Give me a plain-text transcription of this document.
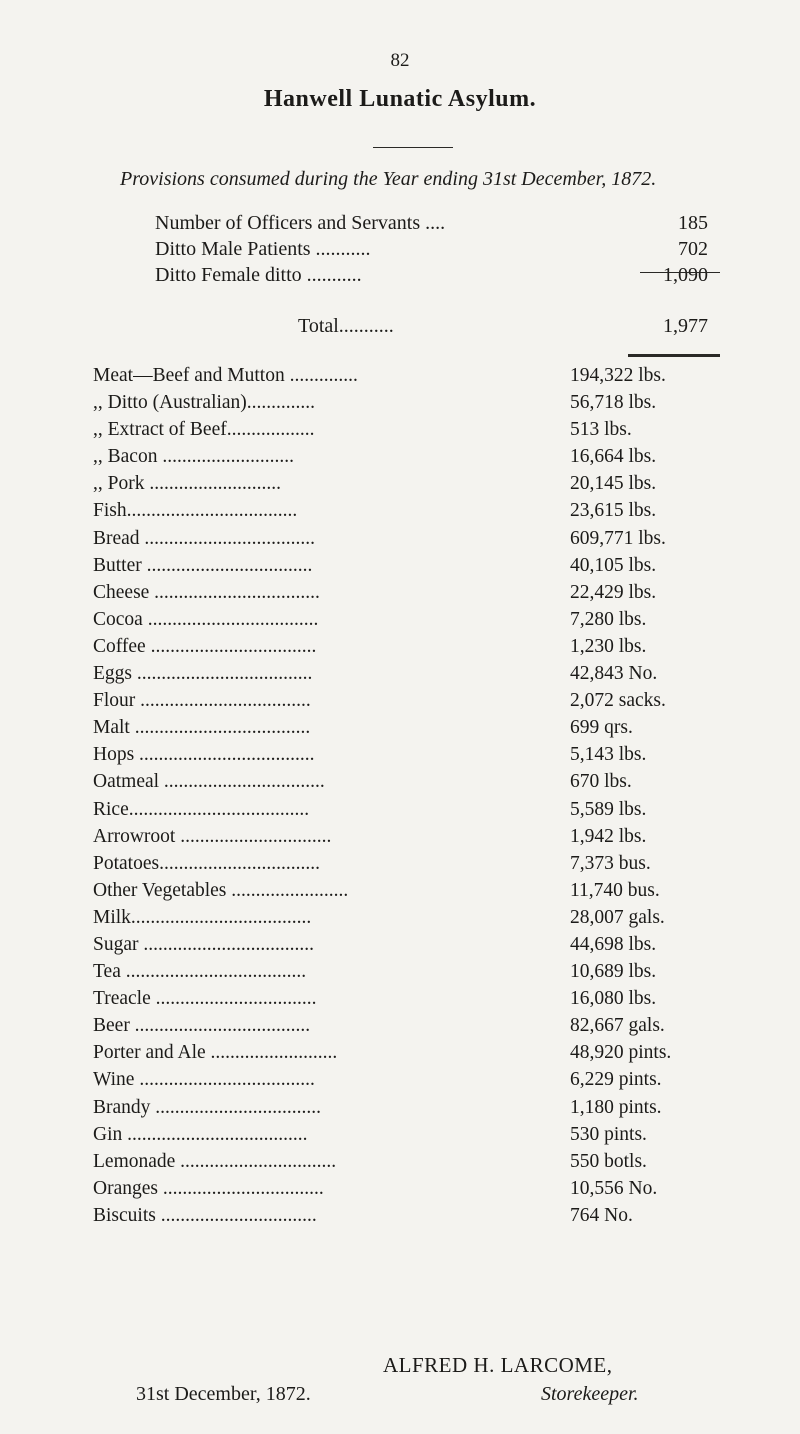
82
Hanwell Lunatic Asylum.
Provisions consumed during the Year ending 31st December, 1872.
Number of Officers and Servants ....	185
Ditto Male Patients ...........	702
Ditto Female ditto ...........	1,090
Total...........	1,977
Meat—Beef and Mutton ..............	194,322 lbs.
,, Ditto (Australian)..............	56,718 lbs.
,, Extract of Beef..................	513 lbs.
,, Bacon ...........................	16,664 lbs.
,, Pork ...........................	20,145 lbs.
Fish...................................	23,615 lbs.
Bread ...................................	609,771 lbs.
Butter ..................................	40,105 lbs.
Cheese ..................................	22,429 lbs.
Cocoa ...................................	7,280 lbs.
Coffee ..................................	1,230 lbs.
Eggs ....................................	42,843 No.
Flour ...................................	2,072 sacks.
Malt ....................................	699 qrs.
Hops ....................................	5,143 lbs.
Oatmeal .................................	670 lbs.
Rice.....................................	5,589 lbs.
Arrowroot ...............................	1,942 lbs.
Potatoes.................................	7,373 bus.
Other Vegetables ........................	11,740 bus.
Milk.....................................	28,007 gals.
Sugar ...................................	44,698 lbs.
Tea .....................................	10,689 lbs.
Treacle .................................	16,080 lbs.
Beer ....................................	82,667 gals.
Porter and Ale ..........................	48,920 pints.
Wine ....................................	6,229 pints.
Brandy ..................................	1,180 pints.
Gin .....................................	530 pints.
Lemonade ................................	550 botls.
Oranges .................................	10,556 No.
Biscuits ................................	764 No.
ALFRED H. LARCOME,
31st December, 1872.	Storekeeper.
